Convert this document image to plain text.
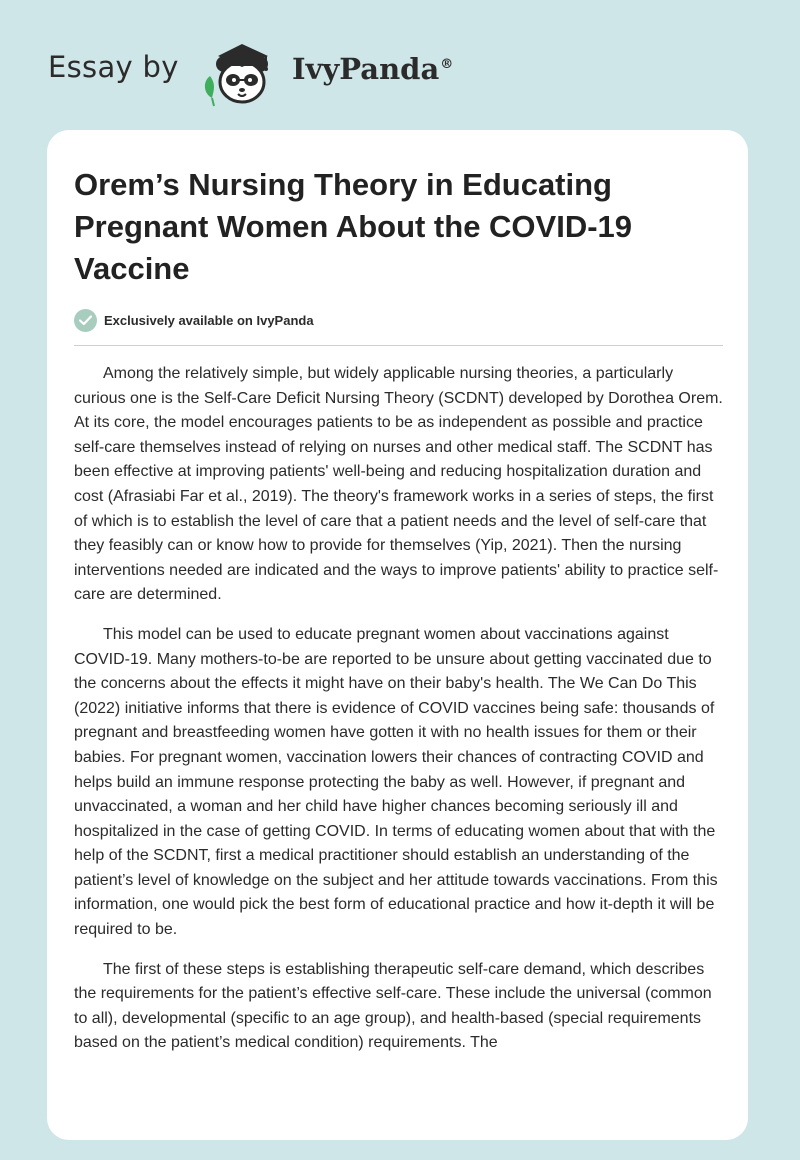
Essay by	IvyPanda®
Orem’s Nursing Theory in Educating Pregnant Women About the COVID-19 Vaccine
Exclusively available on IvyPanda

Among the relatively simple, but widely applicable nursing theories, a particularly curious one is the Self-Care Deficit Nursing Theory (SCDNT) developed by Dorothea Orem. At its core, the model encourages patients to be as independent as possible and practice self-care themselves instead of relying on nurses and other medical staff. The SCDNT has been effective at improving patients' well-being and reducing hospitalization duration and cost (Afrasiabi Far et al., 2019). The theory's framework works in a series of steps, the first of which is to establish the level of care that a patient needs and the level of self-care that they feasibly can or know how to provide for themselves (Yip, 2021). Then the nursing interventions needed are indicated and the ways to improve patients' ability to practice self-care are determined.

This model can be used to educate pregnant women about vaccinations against COVID-19. Many mothers-to-be are reported to be unsure about getting vaccinated due to the concerns about the effects it might have on their baby's health. The We Can Do This (2022) initiative informs that there is evidence of COVID vaccines being safe: thousands of pregnant and breastfeeding women have gotten it with no health issues for them or their babies. For pregnant women, vaccination lowers their chances of contracting COVID and helps build an immune response protecting the baby as well. However, if pregnant and unvaccinated, a woman and her child have higher chances becoming seriously ill and hospitalized in the case of getting COVID. In terms of educating women about that with the help of the SCDNT, first a medical practitioner should establish an understanding of the patient’s level of knowledge on the subject and her attitude towards vaccinations. From this information, one would pick the best form of educational practice and how it-depth it will be required to be.

The first of these steps is establishing therapeutic self-care demand, which describes the requirements for the patient’s effective self-care. These include the universal (common to all), developmental (specific to an age group), and health-based (special requirements based on the patient’s medical condition) requirements. The
